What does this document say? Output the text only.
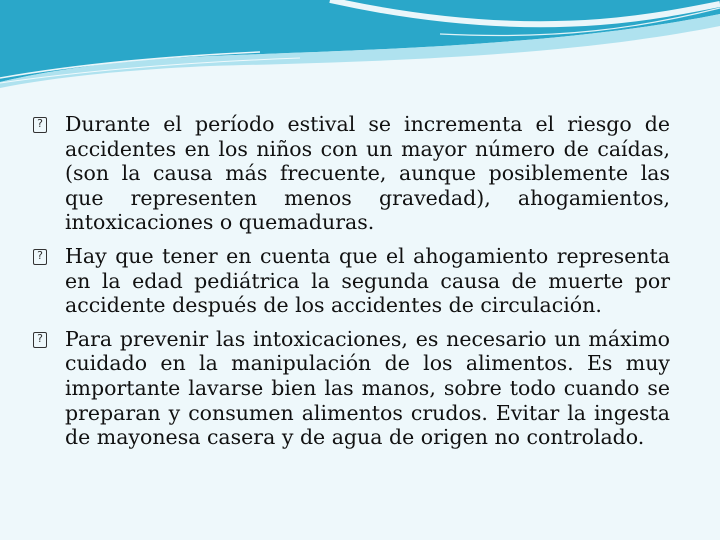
? Durante el período estival se incrementa el riesgo de accidentes en los niños con un mayor número de caídas, (son la causa más frecuente, aunque posiblemente las que representen menos gravedad), ahogamientos, intoxicaciones o quemaduras.

? Hay que tener en cuenta que el ahogamiento representa en la edad pediátrica la segunda causa de muerte por accidente después de los accidentes de circulación.

? Para prevenir las intoxicaciones, es necesario un máximo cuidado en la manipulación de los alimentos. Es muy importante lavarse bien las manos, sobre todo cuando se preparan y consumen alimentos crudos. Evitar la ingesta de mayonesa casera y de agua de origen no controlado.
